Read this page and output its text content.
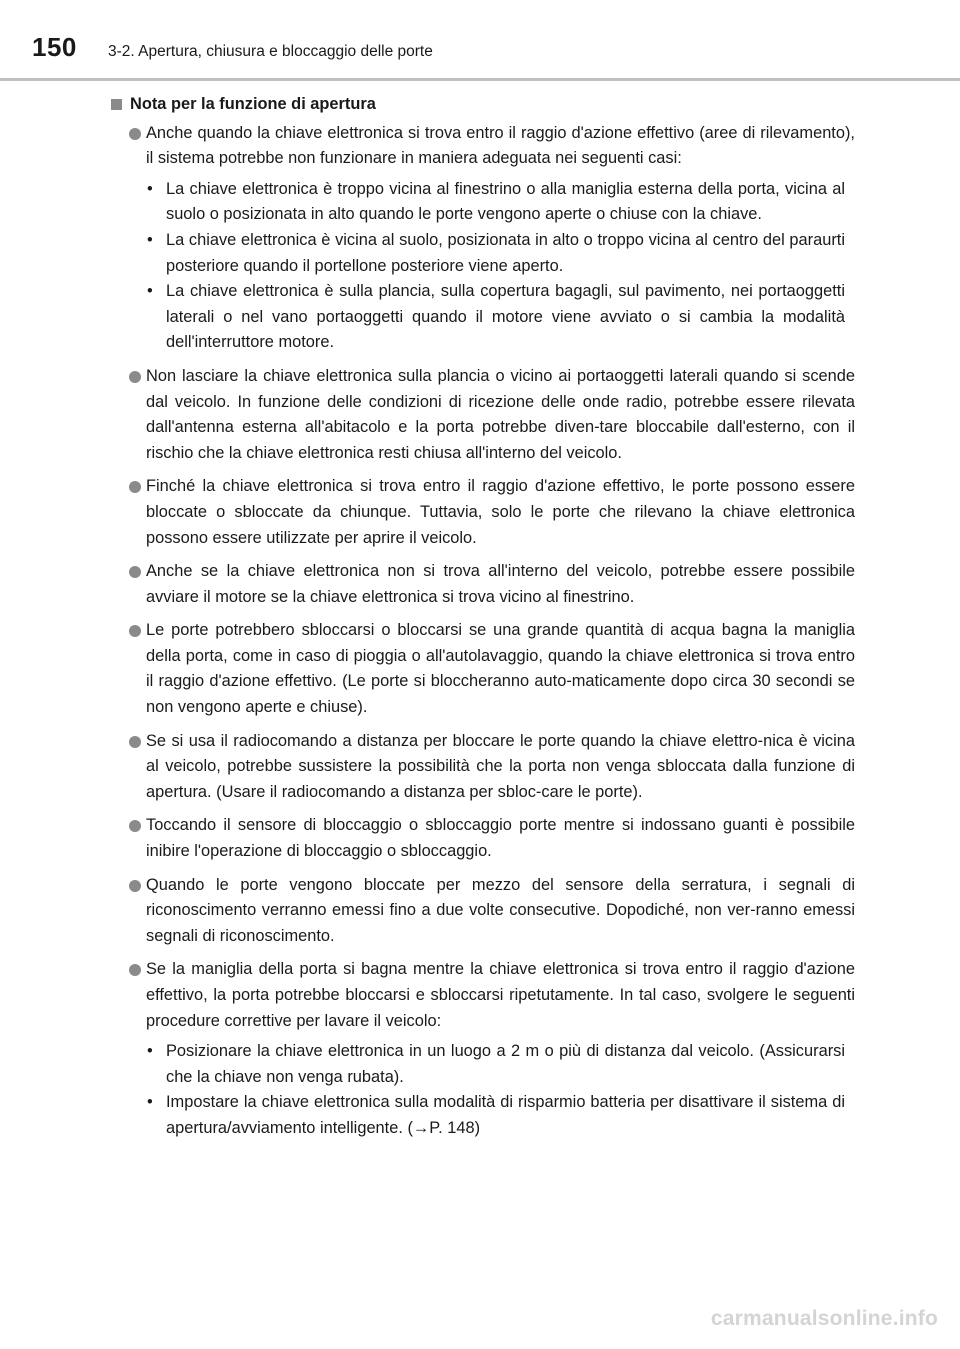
150 3-2. Apertura, chiusura e bloccaggio delle porte
Nota per la funzione di apertura
Anche quando la chiave elettronica si trova entro il raggio d'azione effettivo (aree di rilevamento), il sistema potrebbe non funzionare in maniera adeguata nei seguenti casi:
• La chiave elettronica è troppo vicina al finestrino o alla maniglia esterna della porta, vicina al suolo o posizionata in alto quando le porte vengono aperte o chiuse con la chiave.
• La chiave elettronica è vicina al suolo, posizionata in alto o troppo vicina al centro del paraurti posteriore quando il portellone posteriore viene aperto.
• La chiave elettronica è sulla plancia, sulla copertura bagagli, sul pavimento, nei portaoggetti laterali o nel vano portaoggetti quando il motore viene avviato o si cambia la modalità dell'interruttore motore.
Non lasciare la chiave elettronica sulla plancia o vicino ai portaoggetti laterali quando si scende dal veicolo. In funzione delle condizioni di ricezione delle onde radio, potrebbe essere rilevata dall'antenna esterna all'abitacolo e la porta potrebbe diven-tare bloccabile dall'esterno, con il rischio che la chiave elettronica resti chiusa all'interno del veicolo.
Finché la chiave elettronica si trova entro il raggio d'azione effettivo, le porte possono essere bloccate o sbloccate da chiunque. Tuttavia, solo le porte che rilevano la chiave elettronica possono essere utilizzate per aprire il veicolo.
Anche se la chiave elettronica non si trova all'interno del veicolo, potrebbe essere possibile avviare il motore se la chiave elettronica si trova vicino al finestrino.
Le porte potrebbero sbloccarsi o bloccarsi se una grande quantità di acqua bagna la maniglia della porta, come in caso di pioggia o all'autolavaggio, quando la chiave elettronica si trova entro il raggio d'azione effettivo. (Le porte si bloccheranno auto-maticamente dopo circa 30 secondi se non vengono aperte e chiuse).
Se si usa il radiocomando a distanza per bloccare le porte quando la chiave elettro-nica è vicina al veicolo, potrebbe sussistere la possibilità che la porta non venga sbloccata dalla funzione di apertura. (Usare il radiocomando a distanza per sbloc-care le porte).
Toccando il sensore di bloccaggio o sbloccaggio porte mentre si indossano guanti è possibile inibire l'operazione di bloccaggio o sbloccaggio.
Quando le porte vengono bloccate per mezzo del sensore della serratura, i segnali di riconoscimento verranno emessi fino a due volte consecutive. Dopodiché, non ver-ranno emessi segnali di riconoscimento.
Se la maniglia della porta si bagna mentre la chiave elettronica si trova entro il raggio d'azione effettivo, la porta potrebbe bloccarsi e sbloccarsi ripetutamente. In tal caso, svolgere le seguenti procedure correttive per lavare il veicolo:
• Posizionare la chiave elettronica in un luogo a 2 m o più di distanza dal veicolo. (Assicurarsi che la chiave non venga rubata).
• Impostare la chiave elettronica sulla modalità di risparmio batteria per disattivare il sistema di apertura/avviamento intelligente. (→P. 148)
carmanualsonline.info
